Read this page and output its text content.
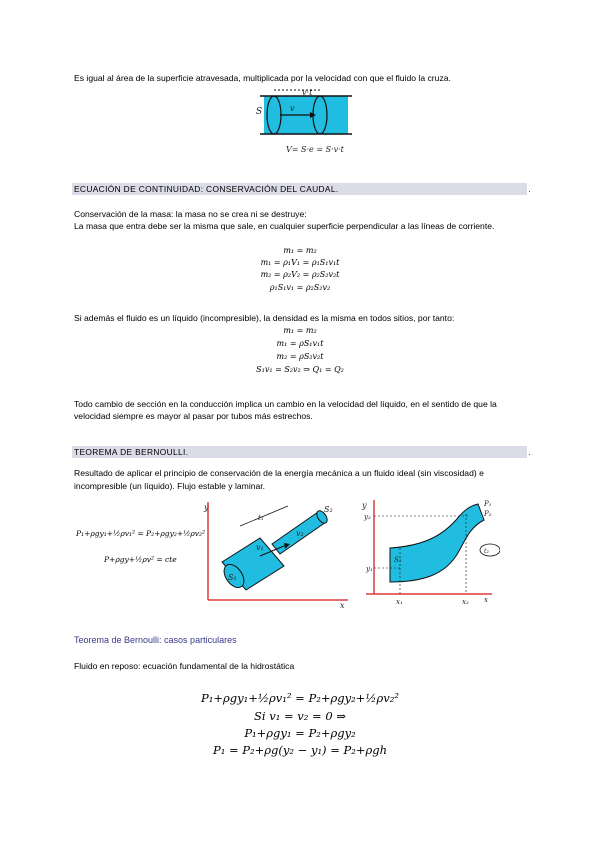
Es igual al área de la superficie atravesada, multiplicada por la velocidad con que el fluido la cruza.

S	v
v·t
V= S·e = S·v·t
ECUACIÓN DE CONTINUIDAD: CONSERVACIÓN DEL CAUDAL.	.

Conservación de la masa: la masa no se crea ni se destruye:

La masa que entra debe ser la misma que sale, en cualquier superficie perpendicular a las líneas de corriente.

m₁ = m₂
m₁ = ρ₁V₁ = ρ₁S₁v₁t
m₂ = ρ₂V₂ = ρ₂S₂v₂t
ρ₁S₁v₁ = ρ₂S₂v₂

Si además el fluido es un líquido (incompresible), la densidad es la misma en todos sitios, por tanto:

m₁ = m₂
m₁ = ρS₁v₁t
m₂ = ρS₂v₂t
S₁v₁ = S₂v₂ ⇒ Q₁ = Q₂

Todo cambio de sección en la conducción implica un cambio en la velocidad del líquido, en el sentido de que la

velocidad siempre es mayor al pasar por tubos más estrechos.

TEOREMA DE BERNOULLI.	.

Resultado de aplicar el principio de conservación de la energía mecánica a un fluido ideal (sin viscosidad) e

incompresible (un líquido). Flujo estable y laminar.

P₁+ρgy₁+½ρv₁² = P₂+ρgy₂+½ρv₂²
P+ρgy+½ρv² = cte
y
x
S₁
S₂
v₁
v₂
t₁
y
x
S₁
y₁
y₂
x₁	x₂
P₁
P₂
t₂
Teorema de Bernoulli: casos particulares

Fluido en reposo: ecuación fundamental de la hidrostática

P₁+ρgy₁+½ρv₁² = P₂+ρgy₂+½ρv₂²
Si v₁ = v₂ = 0 ⇒
P₁+ρgy₁ = P₂+ρgy₂
P₁ = P₂+ρg(y₂ − y₁) = P₂+ρgh
